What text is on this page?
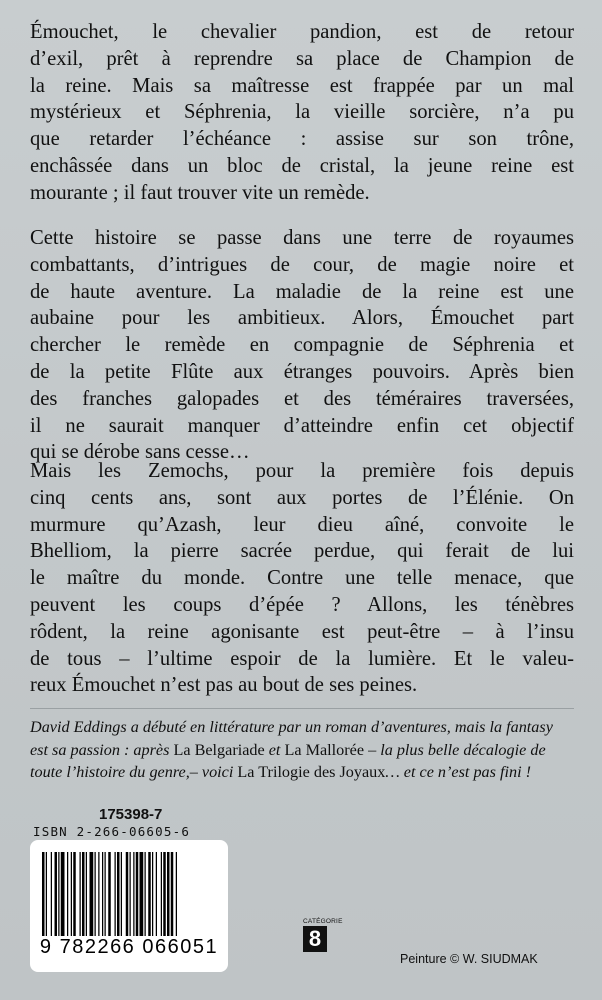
Émouchet, le chevalier pandion, est de retour
d’exil, prêt à reprendre sa place de Champion de
la reine. Mais sa maîtresse est frappée par un mal
mystérieux et Séphrenia, la vieille sorcière, n’a pu
que retarder l’échéance : assise sur son trône,
enchâssée dans un bloc de cristal, la jeune reine est
mourante ; il faut trouver vite un remède.
Cette histoire se passe dans une terre de royaumes
combattants, d’intrigues de cour, de magie noire et
de haute aventure. La maladie de la reine est une
aubaine pour les ambitieux. Alors, Émouchet part
chercher le remède en compagnie de Séphrenia et
de la petite Flûte aux étranges pouvoirs. Après bien
des franches galopades et des téméraires traversées,
il ne saurait manquer d’atteindre enfin cet objectif
qui se dérobe sans cesse…
Mais les Zemochs, pour la première fois depuis
cinq cents ans, sont aux portes de l’Élénie. On
murmure qu’Azash, leur dieu aîné, convoite le
Bhelliom, la pierre sacrée perdue, qui ferait de lui
le maître du monde. Contre une telle menace, que
peuvent les coups d’épée ? Allons, les ténèbres
rôdent, la reine agonisante est peut-être – à l’insu
de tous – l’ultime espoir de la lumière. Et le valeu-
reux Émouchet n’est pas au bout de ses peines.
David Eddings a débuté en littérature par un roman d’aventures, mais la fantasy est sa passion : après La Belgariade et La Mallorée – la plus belle décalogie de toute l’histoire du genre,– voici La Trilogie des Joyaux… et ce n’est pas fini !
175398-7
ISBN 2-266-06605-6
9 782266 066051
CATÉGORIE
8
Peinture © W. SIUDMAK
